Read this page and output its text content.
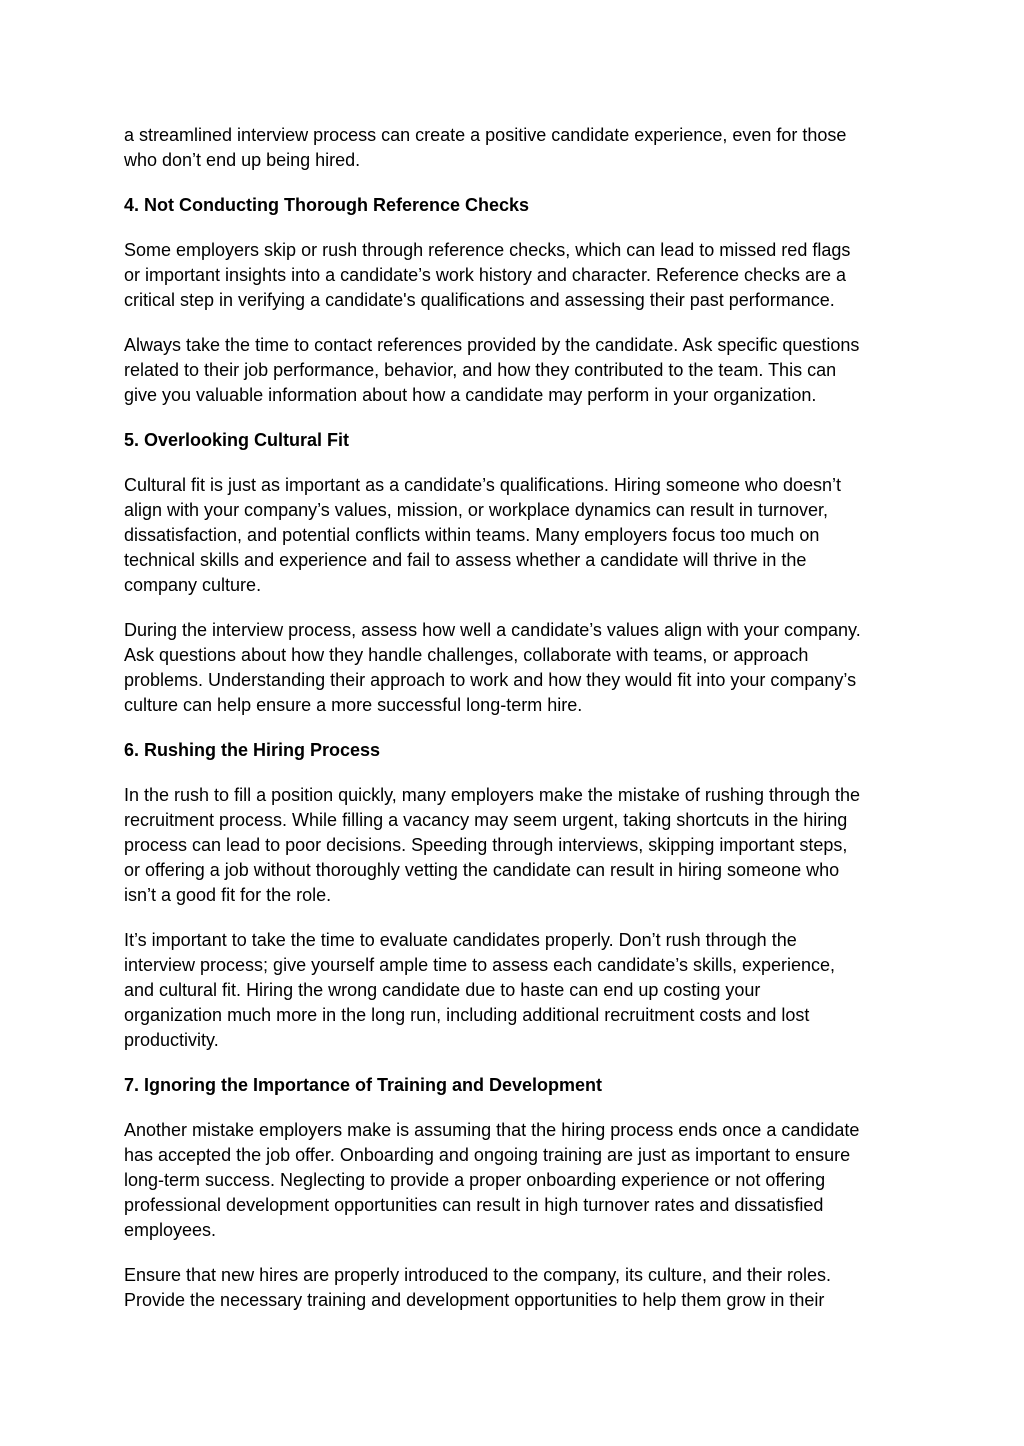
a streamlined interview process can create a positive candidate experience, even for those

who don’t end up being hired.

4. Not Conducting Thorough Reference Checks

Some employers skip or rush through reference checks, which can lead to missed red flags

or important insights into a candidate’s work history and character. Reference checks are a

critical step in verifying a candidate's qualifications and assessing their past performance.

Always take the time to contact references provided by the candidate. Ask specific questions

related to their job performance, behavior, and how they contributed to the team. This can

give you valuable information about how a candidate may perform in your organization.

5. Overlooking Cultural Fit

Cultural fit is just as important as a candidate’s qualifications. Hiring someone who doesn’t

align with your company’s values, mission, or workplace dynamics can result in turnover,

dissatisfaction, and potential conflicts within teams. Many employers focus too much on

technical skills and experience and fail to assess whether a candidate will thrive in the

company culture.

During the interview process, assess how well a candidate’s values align with your company.

Ask questions about how they handle challenges, collaborate with teams, or approach

problems. Understanding their approach to work and how they would fit into your company’s

culture can help ensure a more successful long-term hire.

6. Rushing the Hiring Process

In the rush to fill a position quickly, many employers make the mistake of rushing through the

recruitment process. While filling a vacancy may seem urgent, taking shortcuts in the hiring

process can lead to poor decisions. Speeding through interviews, skipping important steps,

or offering a job without thoroughly vetting the candidate can result in hiring someone who

isn’t a good fit for the role.

It’s important to take the time to evaluate candidates properly. Don’t rush through the

interview process; give yourself ample time to assess each candidate’s skills, experience,

and cultural fit. Hiring the wrong candidate due to haste can end up costing your

organization much more in the long run, including additional recruitment costs and lost

productivity.

7. Ignoring the Importance of Training and Development

Another mistake employers make is assuming that the hiring process ends once a candidate

has accepted the job offer. Onboarding and ongoing training are just as important to ensure

long-term success. Neglecting to provide a proper onboarding experience or not offering

professional development opportunities can result in high turnover rates and dissatisfied

employees.

Ensure that new hires are properly introduced to the company, its culture, and their roles.

Provide the necessary training and development opportunities to help them grow in their
